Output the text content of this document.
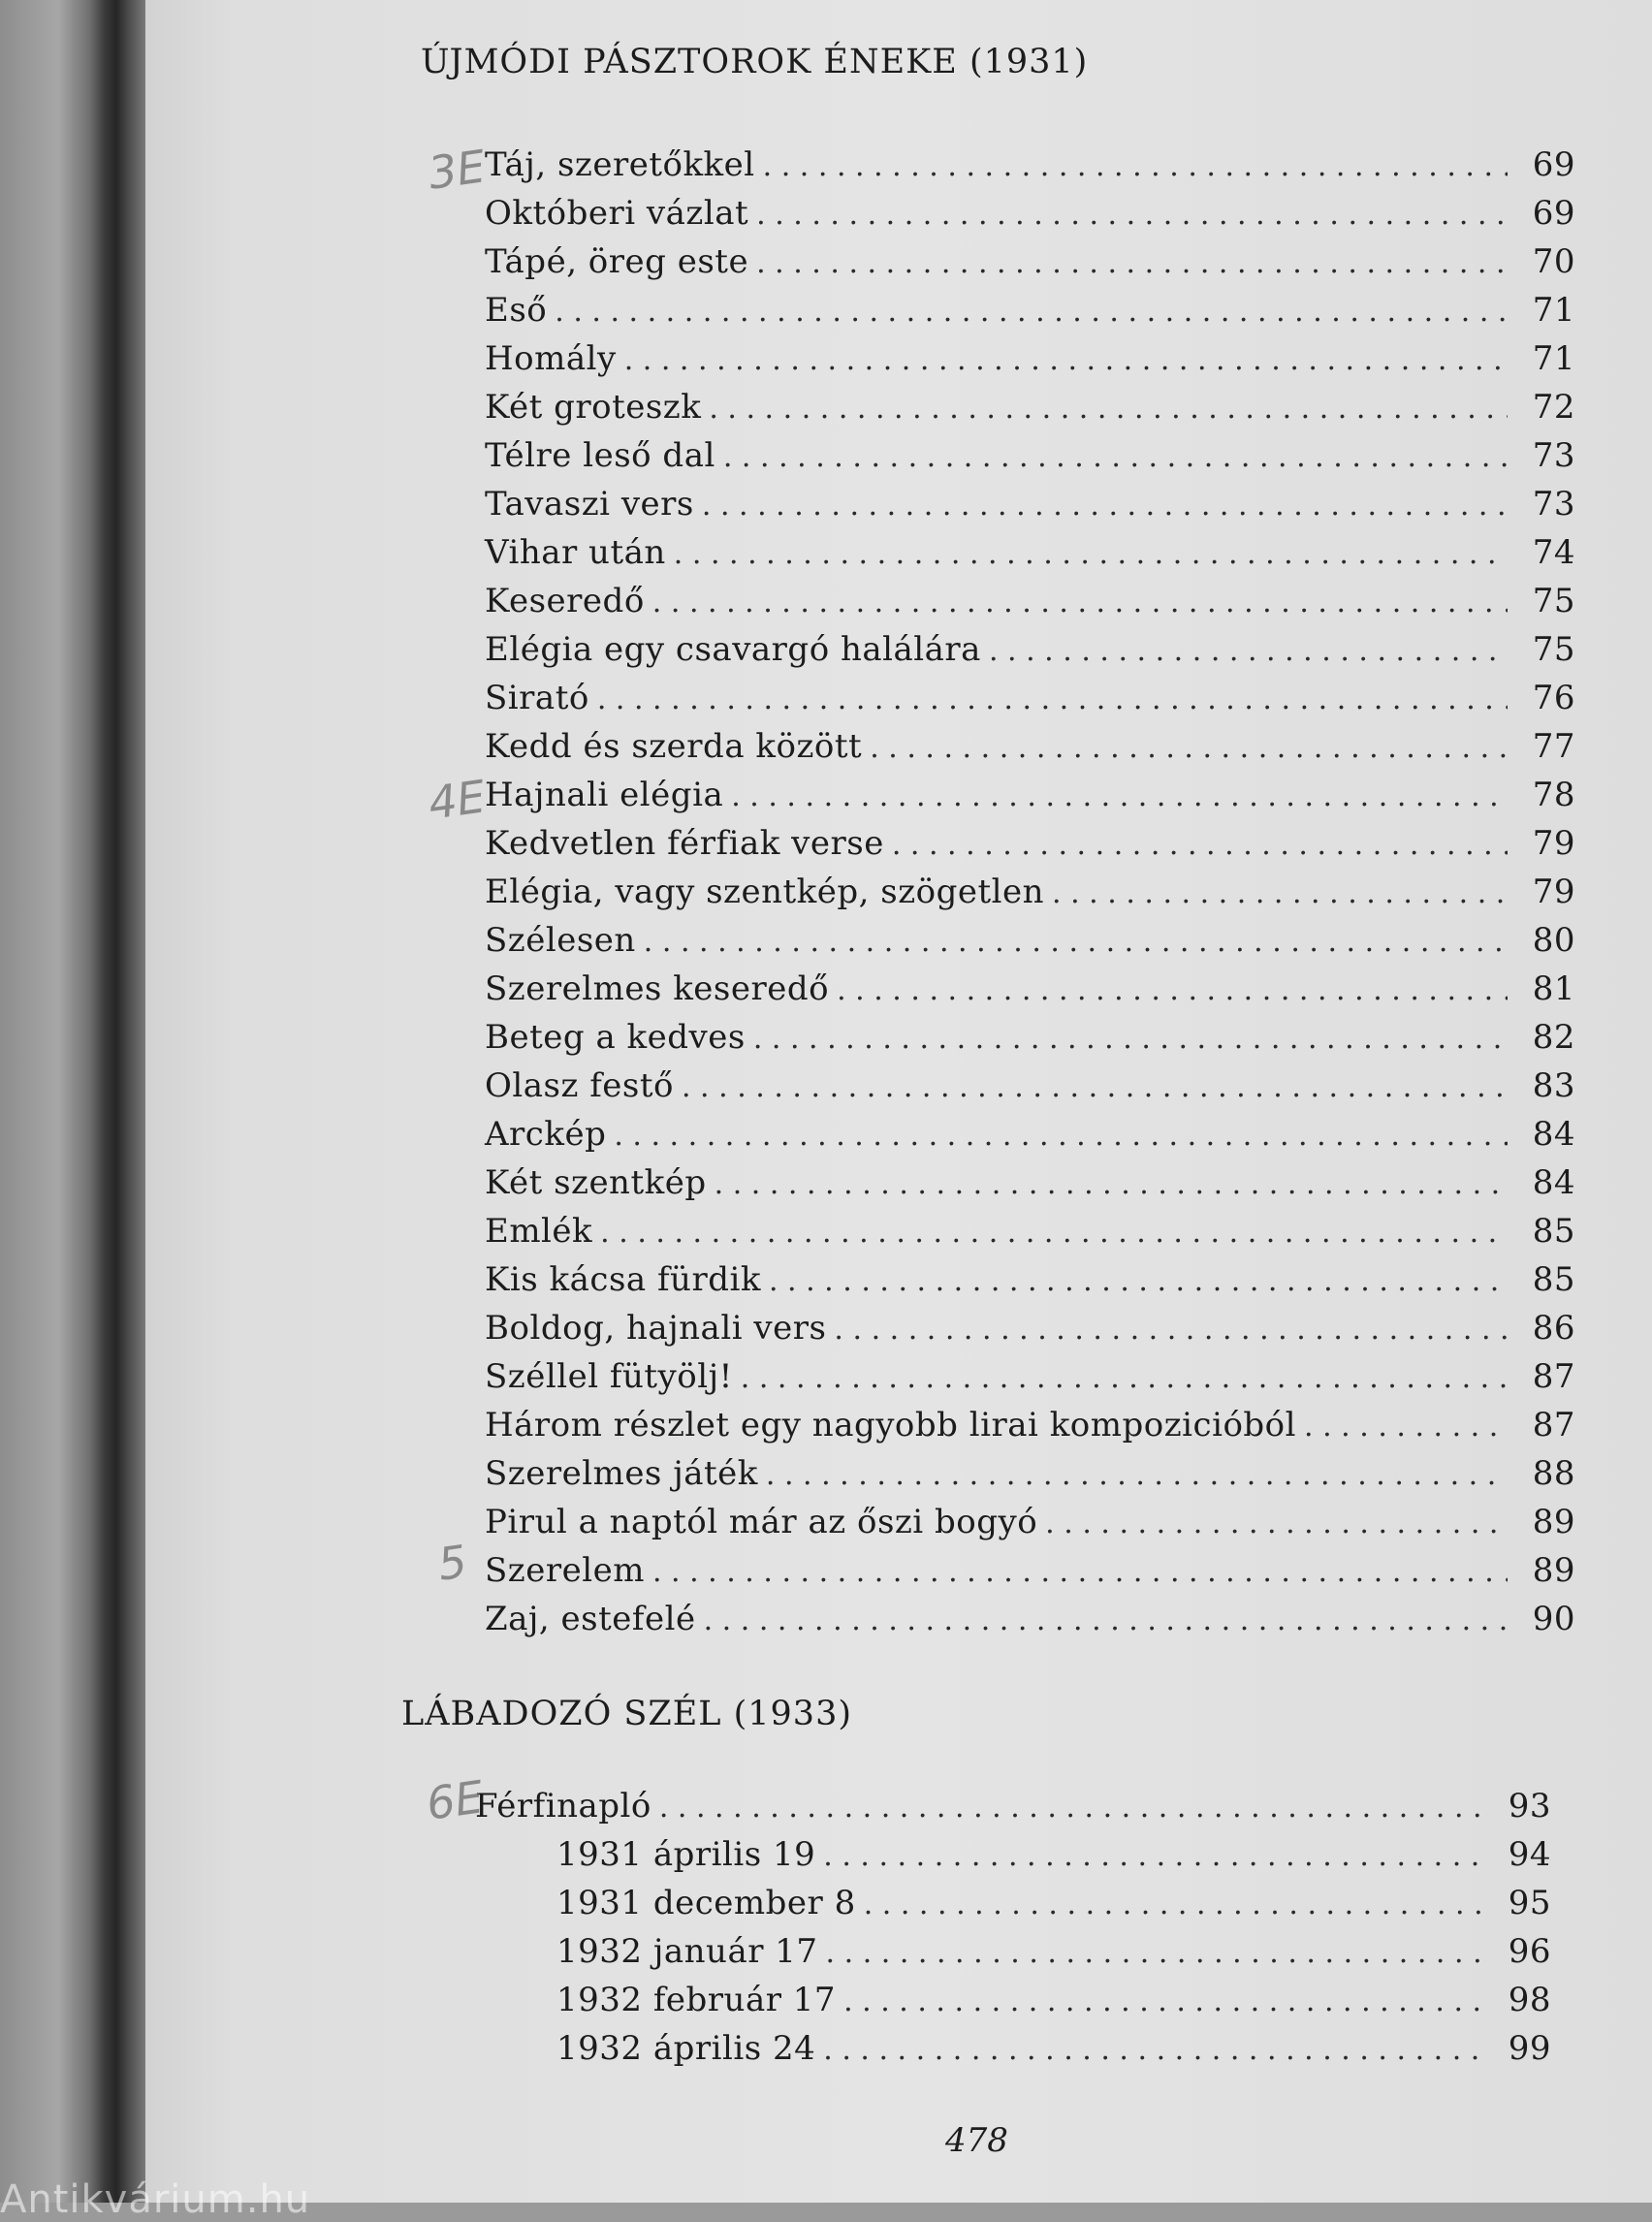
ÚJMÓDI PÁSZTOROK ÉNEKE (1931)
Táj, szeretőkkel . . .	69
Októberi vázlat . . .	69
Tápé, öreg este . . .	70
Eső . . .	71
Homály . . .	71
Két groteszk . . .	72
Télre leső dal . . .	73
Tavaszi vers . . .	73
Vihar után . . .	74
Keseredő . . .	75
Elégia egy csavargó halálára . . .	75
Sirató . . .	76
Kedd és szerda között . . .	77
Hajnali elégia . . .	78
Kedvetlen férfiak verse . . .	79
Elégia, vagy szentkép, szögetlen . . .	79
Szélesen . . .	80
Szerelmes keseredő . . .	81
Beteg a kedves . . .	82
Olasz festő . . .	83
Arckép . . .	84
Két szentkép . . .	84
Emlék . . .	85
Kis kácsa fürdik . . .	85
Boldog, hajnali vers . . .	86
Széllel fütyölj! . . .	87
Három részlet egy nagyobb lirai kompozicióból . . .	87
Szerelmes játék . . .	88
Pirul a naptól már az őszi bogyó . . .	89
Szerelem . . .	89
Zaj, estefelé . . .	90
LÁBADOZÓ SZÉL (1933)
Férfinapló . . .	93
1931 április 19 . . .	94
1931 december 8 . . .	95
1932 január 17 . . .	96
1932 február 17 . . .	98
1932 április 24 . . .	99
3E
4E
5
6E

478

Antikvárium.hu
